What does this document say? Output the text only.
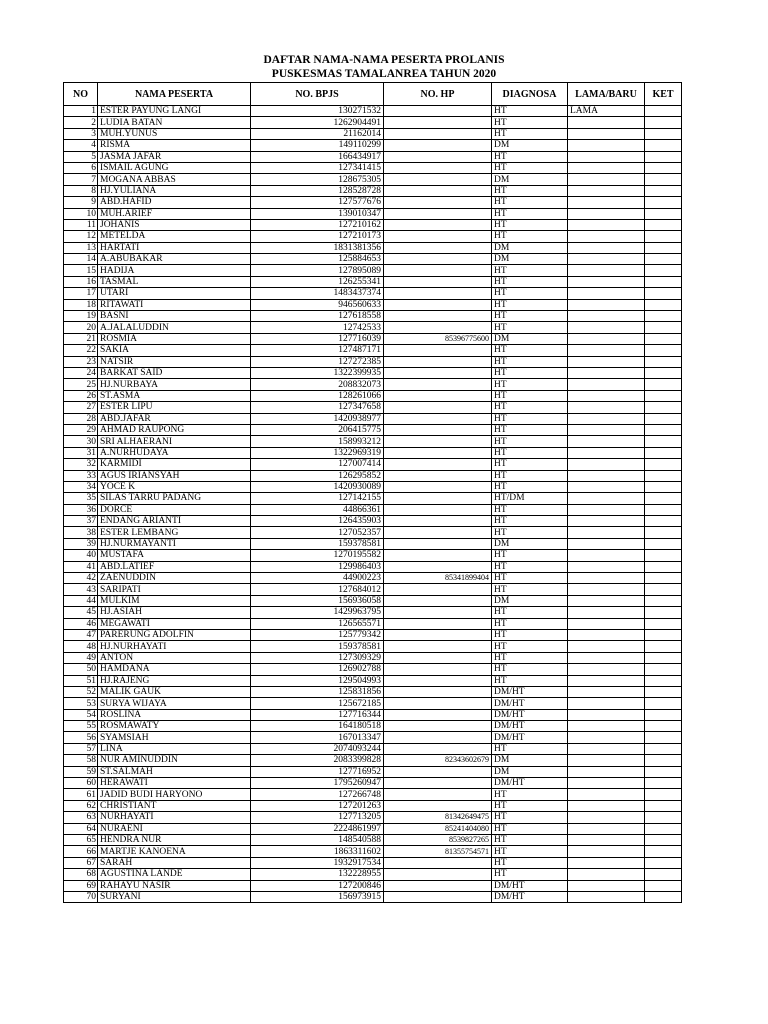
DAFTAR NAMA-NAMA PESERTA PROLANIS
PUSKESMAS TAMALANREA TAHUN 2020
NO	NAMA PESERTA	NO. BPJS	NO. HP	DIAGNOSA	LAMA/BARU	KET
1	ESTER PAYUNG LANGI	130271532		HT	LAMA	
2	LUDIA BATAN	1262904491		HT		
3	MUH.YUNUS	21162014		HT		
4	RISMA	149110299		DM		
5	JASMA JAFAR	166434917		HT		
6	ISMAIL AGUNG	127341415		HT		
7	MOGANA ABBAS	128675305		DM		
8	HJ.YULIANA	128528728		HT		
9	ABD.HAFID	127577676		HT		
10	MUH.ARIEF	139010347		HT		
11	JOHANIS	127210162		HT		
12	METELDA	127210173		HT		
13	HARTATI	1831381356		DM		
14	A.ABUBAKAR	125884653		DM		
15	HADIJA	127895089		HT		
16	TASMAL	126255341		HT		
17	UTARI	1483437374		HT		
18	RITAWATI	946560633		HT		
19	BASNI	127618558		HT		
20	A.JALALUDDIN	12742533		HT		
21	ROSMIA	127716039	85396775600	DM		
22	SAKIA	127487171		HT		
23	NATSIR	127272385		HT		
24	BARKAT SAID	1322399935		HT		
25	HJ.NURBAYA	208832073		HT		
26	ST.ASMA	128261066		HT		
27	ESTER LIPU	127347658		HT		
28	ABD.JAFAR	1420938977		HT		
29	AHMAD RAUPONG	206415775		HT		
30	SRI ALHAERANI	158993212		HT		
31	A.NURHUDAYA	1322969319		HT		
32	KARMIDI	127007414		HT		
33	AGUS IRIANSYAH	126295852		HT		
34	YOCE K	1420930089		HT		
35	SILAS TARRU PADANG	127142155		HT/DM		
36	DORCE	44866361		HT		
37	ENDANG ARIANTI	126435903		HT		
38	ESTER LEMBANG	127052357		HT		
39	HJ.NURMAYANTI	159378581		DM		
40	MUSTAFA	1270195582		HT		
41	ABD.LATIEF	129986403		HT		
42	ZAENUDDIN	44900223	85341899404	HT		
43	SARIPATI	127684012		HT		
44	MULKIM	156936058		DM		
45	HJ.ASIAH	1429963795		HT		
46	MEGAWATI	126565571		HT		
47	PARERUNG ADOLFIN	125779342		HT		
48	HJ.NURHAYATI	159378581		HT		
49	ANTON	127309329		HT		
50	HAMDANA	126902788		HT		
51	HJ.RAJENG	129504993		HT		
52	MALIK GAUK	125831856		DM/HT		
53	SURYA WIJAYA	125672185		DM/HT		
54	ROSLINA	127716344		DM/HT		
55	ROSMAWATY	164180518		DM/HT		
56	SYAMSIAH	167013347		DM/HT		
57	LINA	2074093244		HT		
58	NUR AMINUDDIN	2083399828	82343602679	DM		
59	ST.SALMAH	127716952		DM		
60	HERAWATI	1795260947		DM/HT		
61	JADID BUDI HARYONO	127266748		HT		
62	CHRISTIANT	127201263		HT		
63	NURHAYATI	127713205	81342649475	HT		
64	NURAENI	2224861997	85241404080	HT		
65	HENDRA NUR	148540588	8539827265	HT		
66	MARTJE KANOENA	1863311602	81355754571	HT		
67	SARAH	1932917534		HT		
68	AGUSTINA LANDE	132228955		HT		
69	RAHAYU NASIR	127200846		DM/HT		
70	SURYANI	156973915		DM/HT		
